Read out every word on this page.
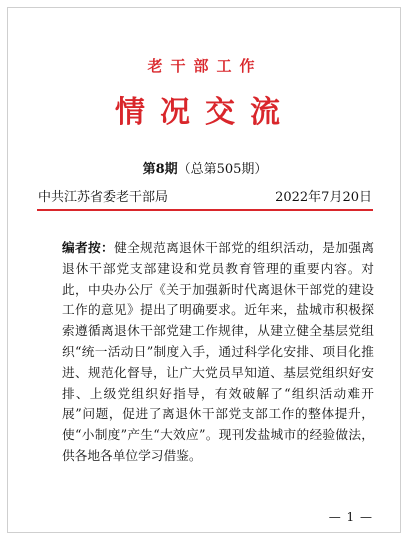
老干部工作
情况交流
第8期（总第505期）
中共江苏省委老干部局	2022年7月20日
编者按：健全规范离退休干部党的组织活动，是加强离退休干部党支部建设和党员教育管理的重要内容。对此，中央办公厅《关于加强新时代离退休干部党的建设工作的意见》提出了明确要求。近年来，盐城市积极探索遵循离退休干部党建工作规律，从建立健全基层党组织“统一活动日”制度入手，通过科学化安排、项目化推进、规范化督导，让广大党员早知道、基层党组织好安排、上级党组织好指导，有效破解了“组织活动难开展”问题，促进了离退休干部党支部工作的整体提升，使“小制度”产生“大效应”。现刊发盐城市的经验做法，供各地各单位学习借鉴。
— 1 —
